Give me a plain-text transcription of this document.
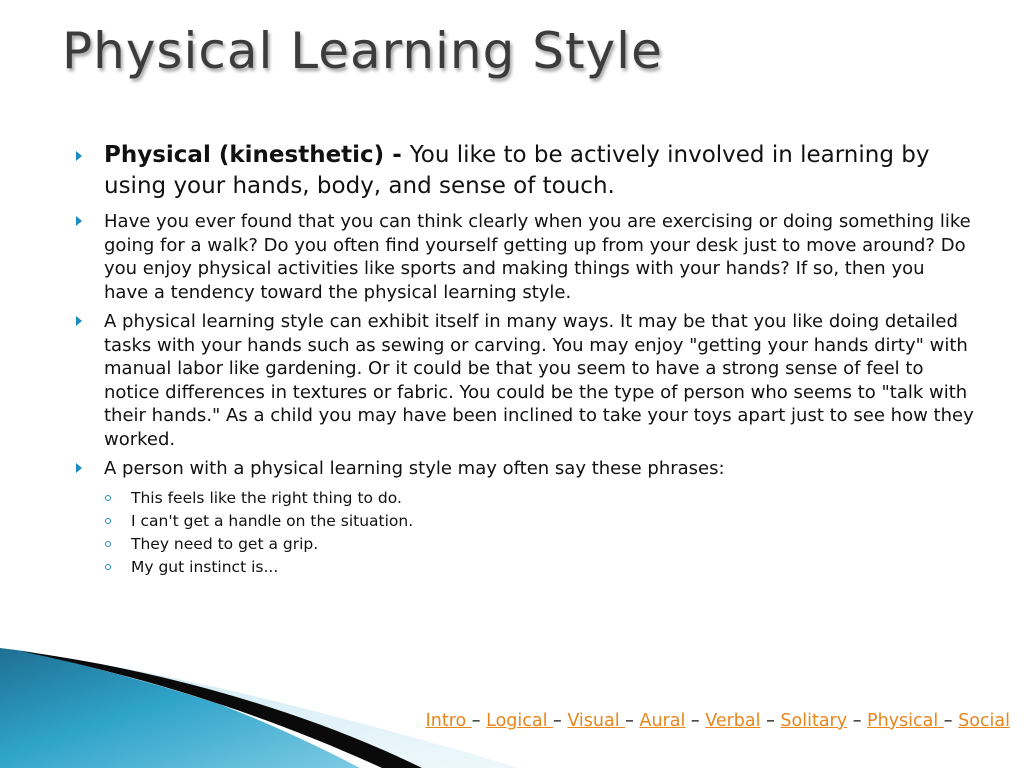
Physical Learning Style
Physical (kinesthetic) - You like to be actively involved in learning by using your hands, body, and sense of touch.
Have you ever found that you can think clearly when you are exercising or doing something like going for a walk? Do you often find yourself getting up from your desk just to move around? Do you enjoy physical activities like sports and making things with your hands? If so, then you have a tendency toward the physical learning style.
A physical learning style can exhibit itself in many ways. It may be that you like doing detailed tasks with your hands such as sewing or carving. You may enjoy "getting your hands dirty" with manual labor like gardening. Or it could be that you seem to have a strong sense of feel to notice differences in textures or fabric. You could be the type of person who seems to "talk with their hands." As a child you may have been inclined to take your toys apart just to see how they worked.
A person with a physical learning style may often say these phrases:
This feels like the right thing to do.
I can't get a handle on the situation.
They need to get a grip.
My gut instinct is...
Intro – Logical – Visual – Aural – Verbal – Solitary – Physical – Social
